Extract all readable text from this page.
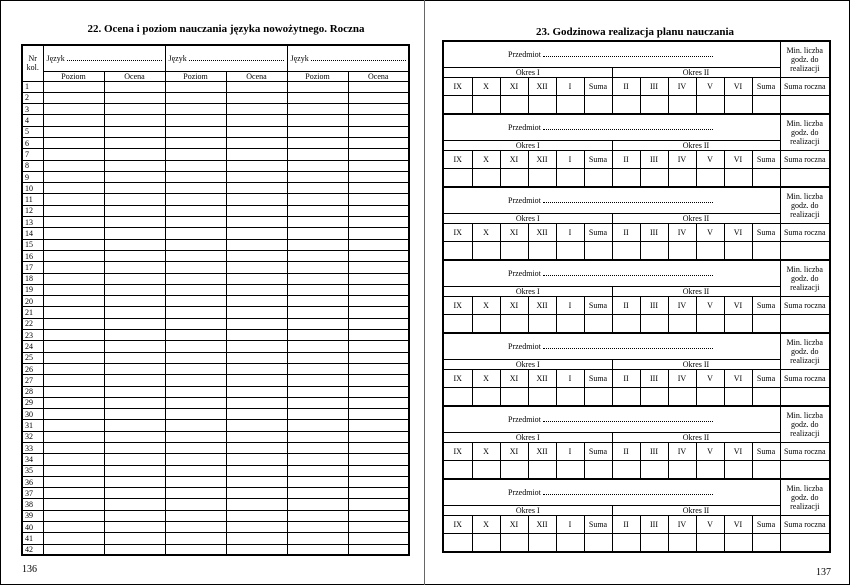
22. Ocena i poziom nauczania języka nowożytnego. Roczna	23. Godzinowa realizacja planu nauczania
Nr kol.	Język		Język		Język	
	Poziom	Ocena	Poziom	Ocena	Poziom	Ocena
1						
2						
3						
4						
5						
6						
7						
8						
9						
10						
11						
12						
13						
14						
15						
16						
17						
18						
19						
20						
21						
22						
23						
24						
25						
26						
27						
28						
29						
30						
31						
32						
33						
34						
35						
36						
37						
38						
39						
40						
41						
42						
136
Przedmiot												Min. liczba godz. do realizacji
Okres I						Okres II						
IX	X	XI	XII	I	Suma	II	III	IV	V	VI	Suma	Suma roczna

Przedmiot												Min. liczba godz. do realizacji
Okres I						Okres II						
IX	X	XI	XII	I	Suma	II	III	IV	V	VI	Suma	Suma roczna

Przedmiot												Min. liczba godz. do realizacji
Okres I						Okres II						
IX	X	XI	XII	I	Suma	II	III	IV	V	VI	Suma	Suma roczna

Przedmiot												Min. liczba godz. do realizacji
Okres I						Okres II						
IX	X	XI	XII	I	Suma	II	III	IV	V	VI	Suma	Suma roczna

Przedmiot												Min. liczba godz. do realizacji
Okres I						Okres II						
IX	X	XI	XII	I	Suma	II	III	IV	V	VI	Suma	Suma roczna

Przedmiot												Min. liczba godz. do realizacji
Okres I						Okres II						
IX	X	XI	XII	I	Suma	II	III	IV	V	VI	Suma	Suma roczna

Przedmiot												Min. liczba godz. do realizacji
Okres I						Okres II						
IX	X	XI	XII	I	Suma	II	III	IV	V	VI	Suma	Suma roczna

137
